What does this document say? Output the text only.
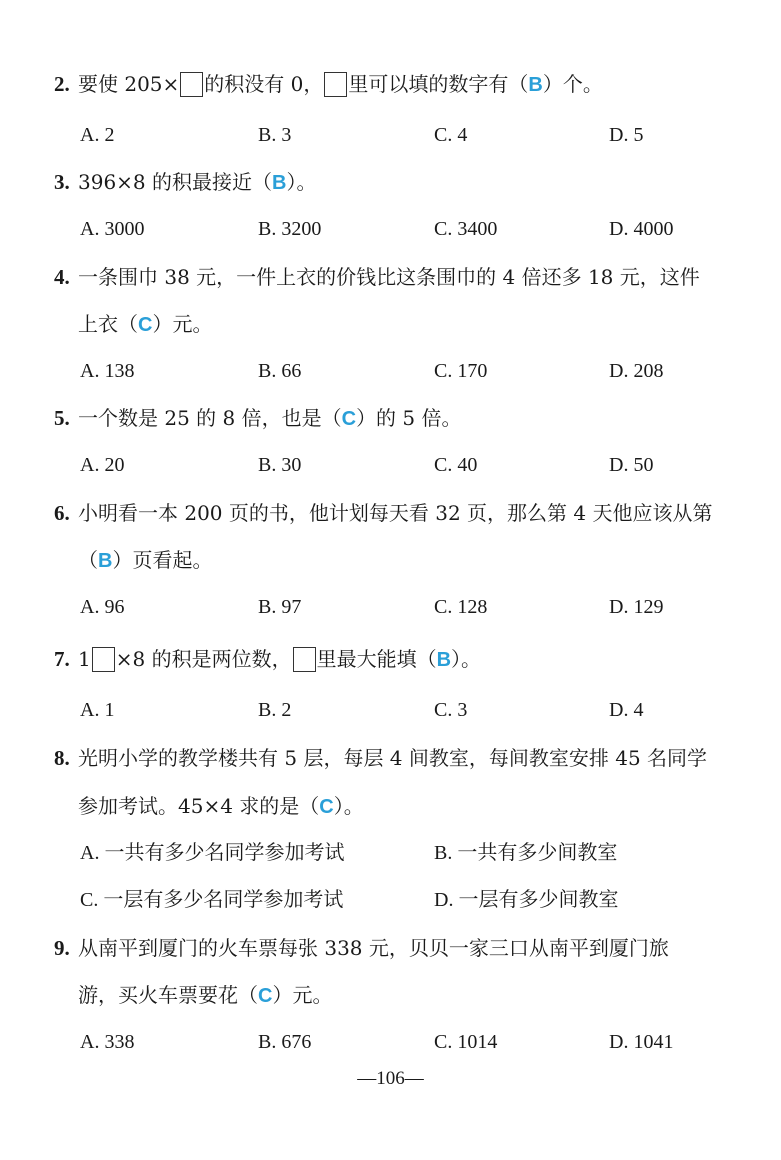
2. 要使 205× 的积没有 0， 里可以填的数字有（B）个。
A. 2	B. 3	C. 4	D. 5
3. 396×8 的积最接近（B）。
A. 3000	B. 3200	C. 3400	D. 4000
4. 一条围巾 38 元，一件上衣的价钱比这条围巾的 4 倍还多 18 元，这件
上衣（C）元。
A. 138	B. 66	C. 170	D. 208
5. 一个数是 25 的 8 倍，也是（C）的 5 倍。
A. 20	B. 30	C. 40	D. 50
6. 小明看一本 200 页的书，他计划每天看 32 页，那么第 4 天他应该从第
（B）页看起。
A. 96	B. 97	C. 128	D. 129
7. 1 ×8 的积是两位数， 里最大能填（B）。
A. 1	B. 2	C. 3	D. 4
8. 光明小学的教学楼共有 5 层，每层 4 间教室，每间教室安排 45 名同学
参加考试。45×4 求的是（C）。
A. 一共有多少名同学参加考试	B. 一共有多少间教室
C. 一层有多少名同学参加考试	D. 一层有多少间教室
9. 从南平到厦门的火车票每张 338 元，贝贝一家三口从南平到厦门旅
游，买火车票要花（C）元。
A. 338	B. 676	C. 1014	D. 1041
—106—
